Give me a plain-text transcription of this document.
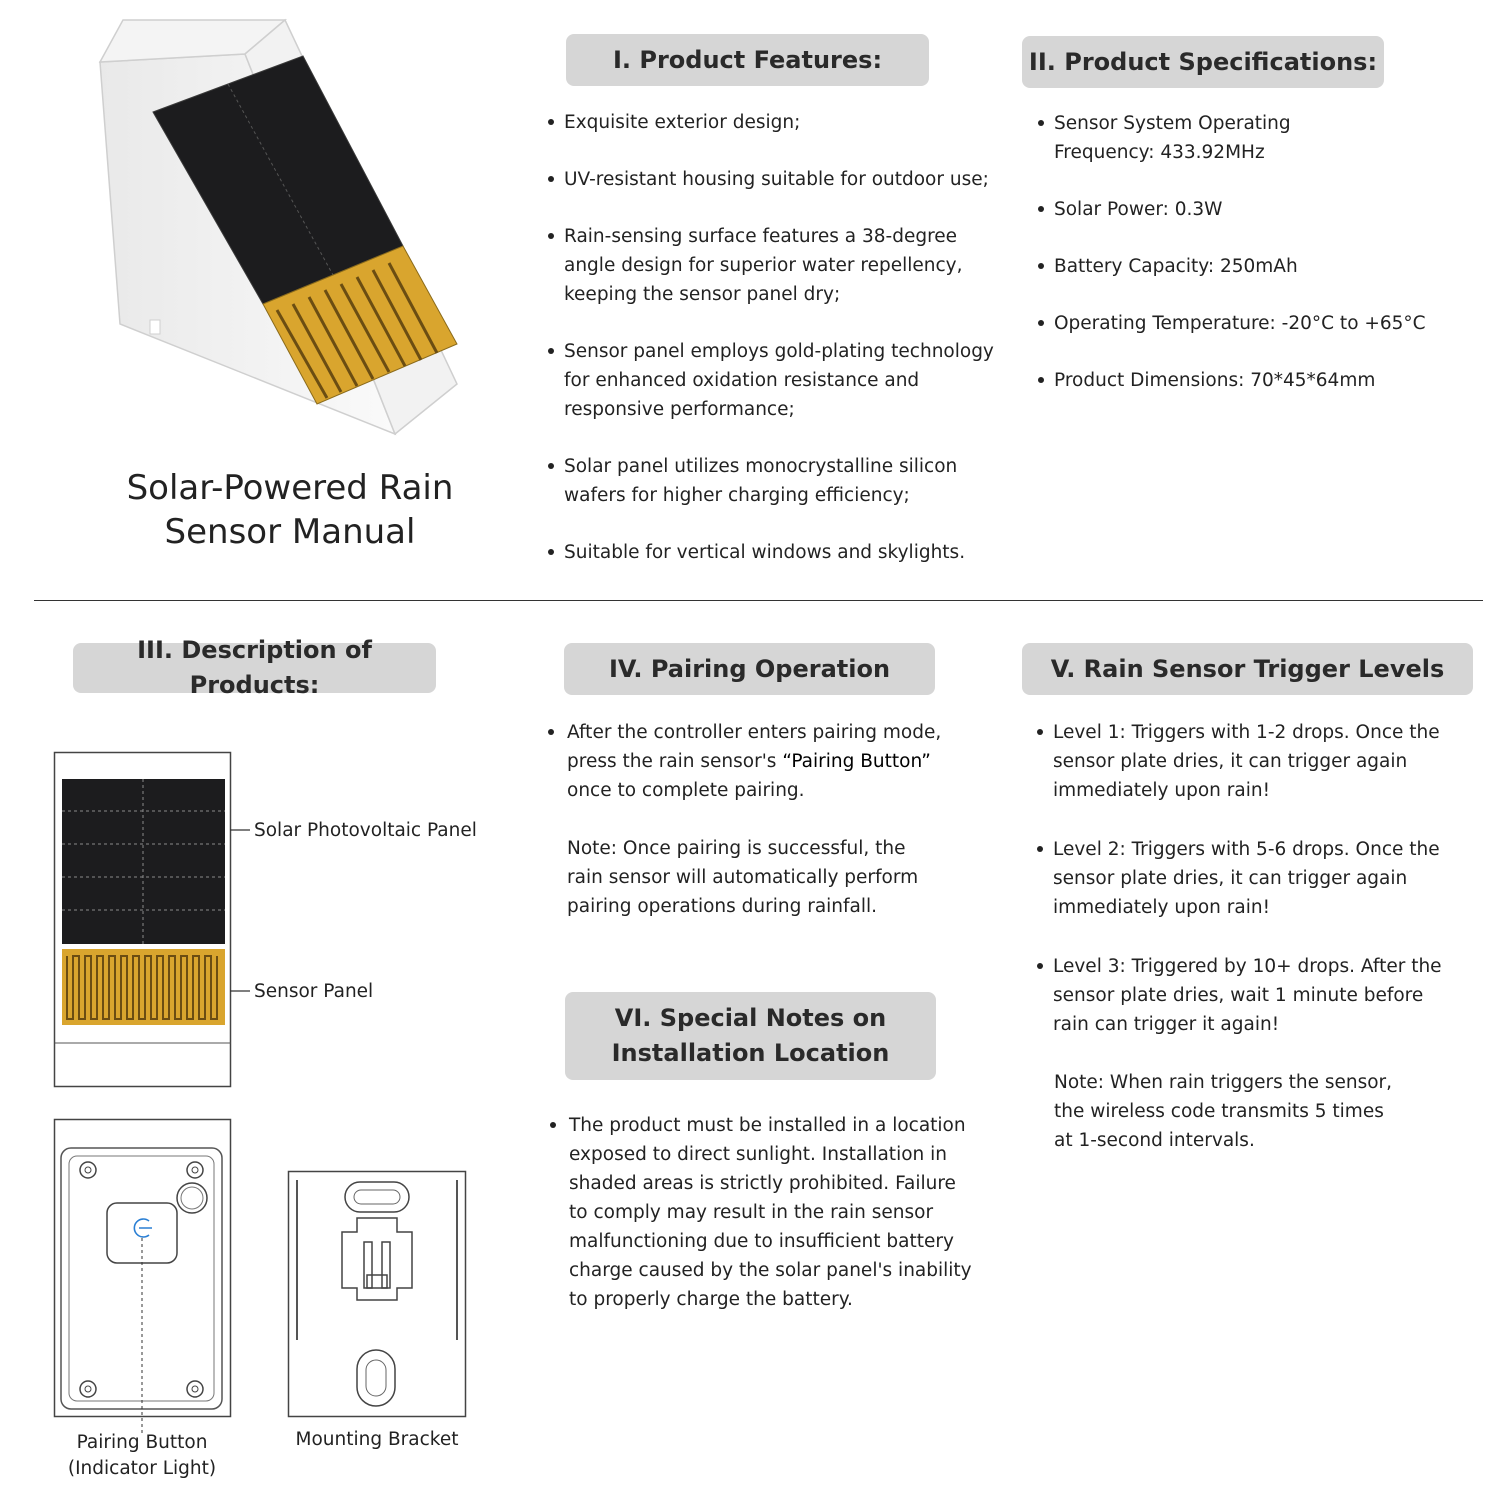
Solar-Powered Rain
Sensor Manual
I. Product Features:
Exquisite exterior design;
UV-resistant housing suitable for outdoor use;
Rain-sensing surface features a 38-degree
angle design for superior water repellency,
keeping the sensor panel dry;
Sensor panel employs gold-plating technology
for enhanced oxidation resistance and
responsive performance;
Solar panel utilizes monocrystalline silicon
wafers for higher charging efficiency;
Suitable for vertical windows and skylights.
II. Product Specifications:
Sensor System Operating
Frequency: 433.92MHz
Solar Power: 0.3W
Battery Capacity: 250mAh
Operating Temperature: -20°C to +65°C
Product Dimensions: 70*45*64mm
III. Description of Products:
Solar Photovoltaic Panel
Sensor Panel
Pairing Button
(Indicator Light)
Mounting Bracket
IV. Pairing Operation
After the controller enters pairing mode,
press the rain sensor's “Pairing Button”
once to complete pairing.
Note: Once pairing is successful, the
rain sensor will automatically perform
pairing operations during rainfall.
VI. Special Notes on
Installation Location
The product must be installed in a location
exposed to direct sunlight. Installation in
shaded areas is strictly prohibited. Failure
to comply may result in the rain sensor
malfunctioning due to insufficient battery
charge caused by the solar panel's inability
to properly charge the battery.
V. Rain Sensor Trigger Levels
Level 1: Triggers with 1-2 drops. Once the
sensor plate dries, it can trigger again
immediately upon rain!
Level 2: Triggers with 5-6 drops. Once the
sensor plate dries, it can trigger again
immediately upon rain!
Level 3: Triggered by 10+ drops. After the
sensor plate dries, wait 1 minute before
rain can trigger it again!
Note: When rain triggers the sensor,
the wireless code transmits 5 times
at 1-second intervals.
